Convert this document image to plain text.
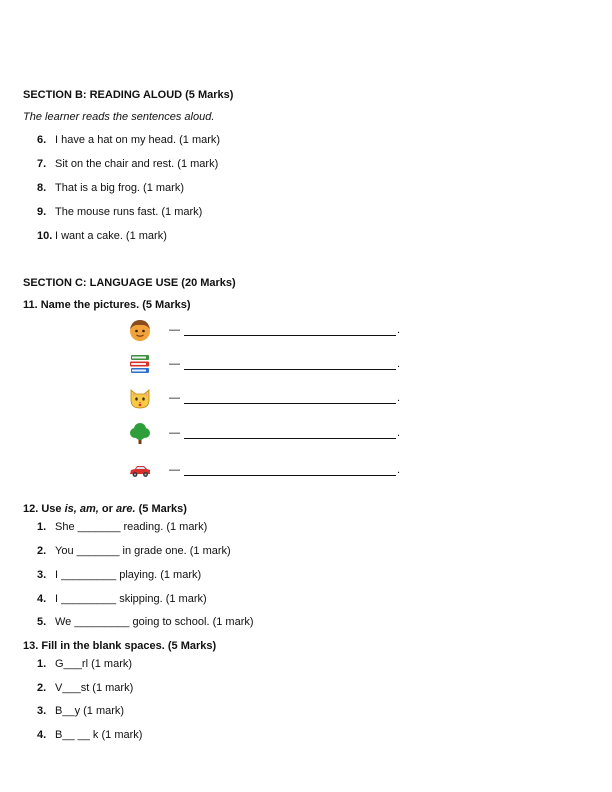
SECTION B: READING ALOUD (5 Marks)
The learner reads the sentences aloud.
6. I have a hat on my head. (1 mark)
7. Sit on the chair and rest. (1 mark)
8. That is a big frog. (1 mark)
9. The mouse runs fast. (1 mark)
10. I want a cake. (1 mark)
SECTION C: LANGUAGE USE (20 Marks)
11. Name the pictures. (5 Marks)
—	.
—	.
—	.
—	.
—	.
12. Use is, am, or are. (5 Marks)
1. She _______ reading. (1 mark)
2. You _______ in grade one. (1 mark)
3. I _________ playing. (1 mark)
4. I _________ skipping. (1 mark)
5. We _________ going to school. (1 mark)
13. Fill in the blank spaces. (5 Marks)
1. G___rl (1 mark)
2. V___st (1 mark)
3. B__y (1 mark)
4. B__ __ k (1 mark)
